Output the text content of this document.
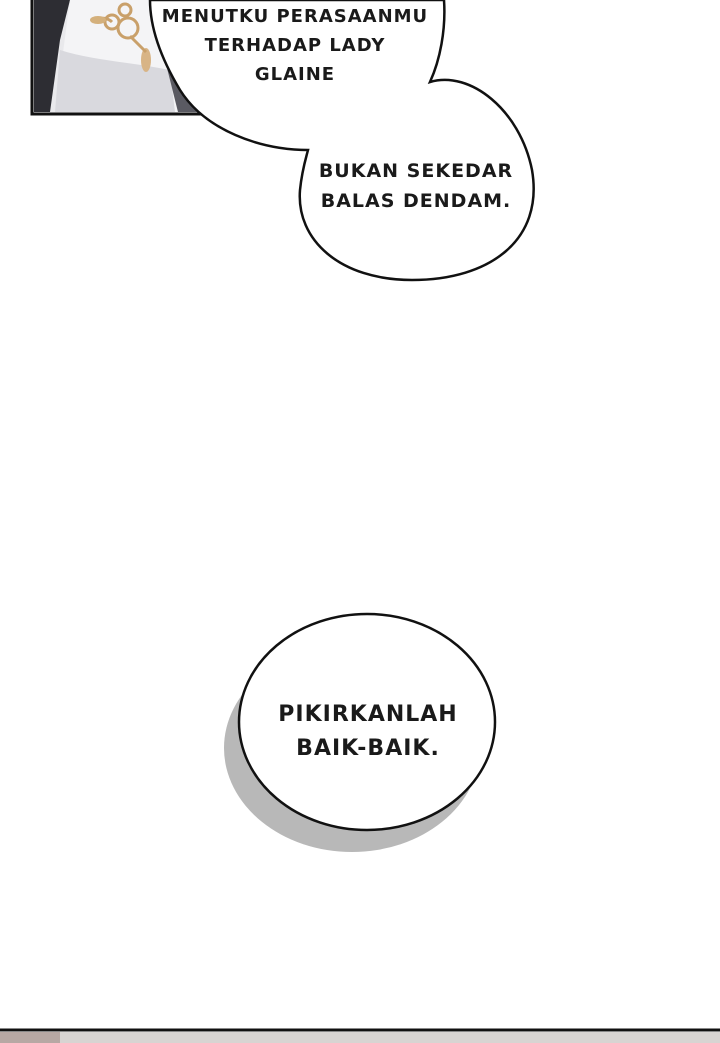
MENUTKU PERASAANMU
TERHADAP LADY
GLAINE
BUKAN SEKEDAR
BALAS DENDAM.
PIKIRKANLAH
BAIK-BAIK.
